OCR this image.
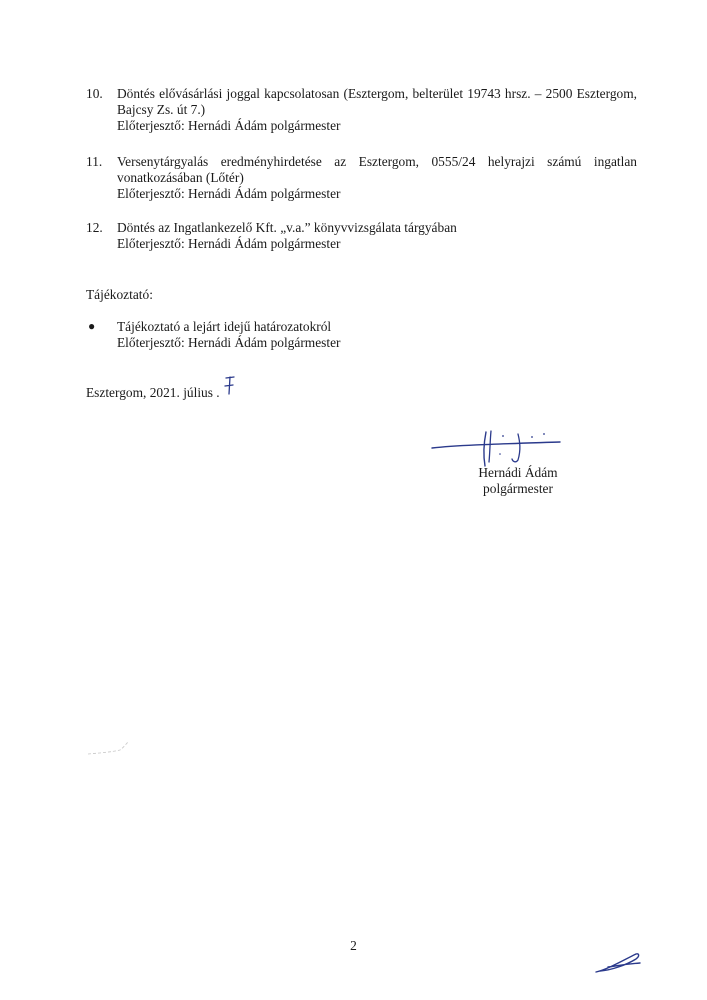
10.	Döntés elővásárlási joggal kapcsolatosan (Esztergom, belterület 19743 hrsz. – 2500 Esztergom, Bajcsy Zs. út 7.)
Előterjesztő: Hernádi Ádám polgármester
11.	Versenytárgyalás eredményhirdetése az Esztergom, 0555/24 helyrajzi számú ingatlan vonatkozásában (Lőtér)
Előterjesztő: Hernádi Ádám polgármester
12.	Döntés az Ingatlankezelő Kft. „v.a.” könyvvizsgálata tárgyában
Előterjesztő: Hernádi Ádám polgármester
Tájékoztató:
● Tájékoztató a lejárt idejű határozatokról
Előterjesztő: Hernádi Ádám polgármester
Esztergom, 2021. július .
Hernádi Ádám
polgármester
2
